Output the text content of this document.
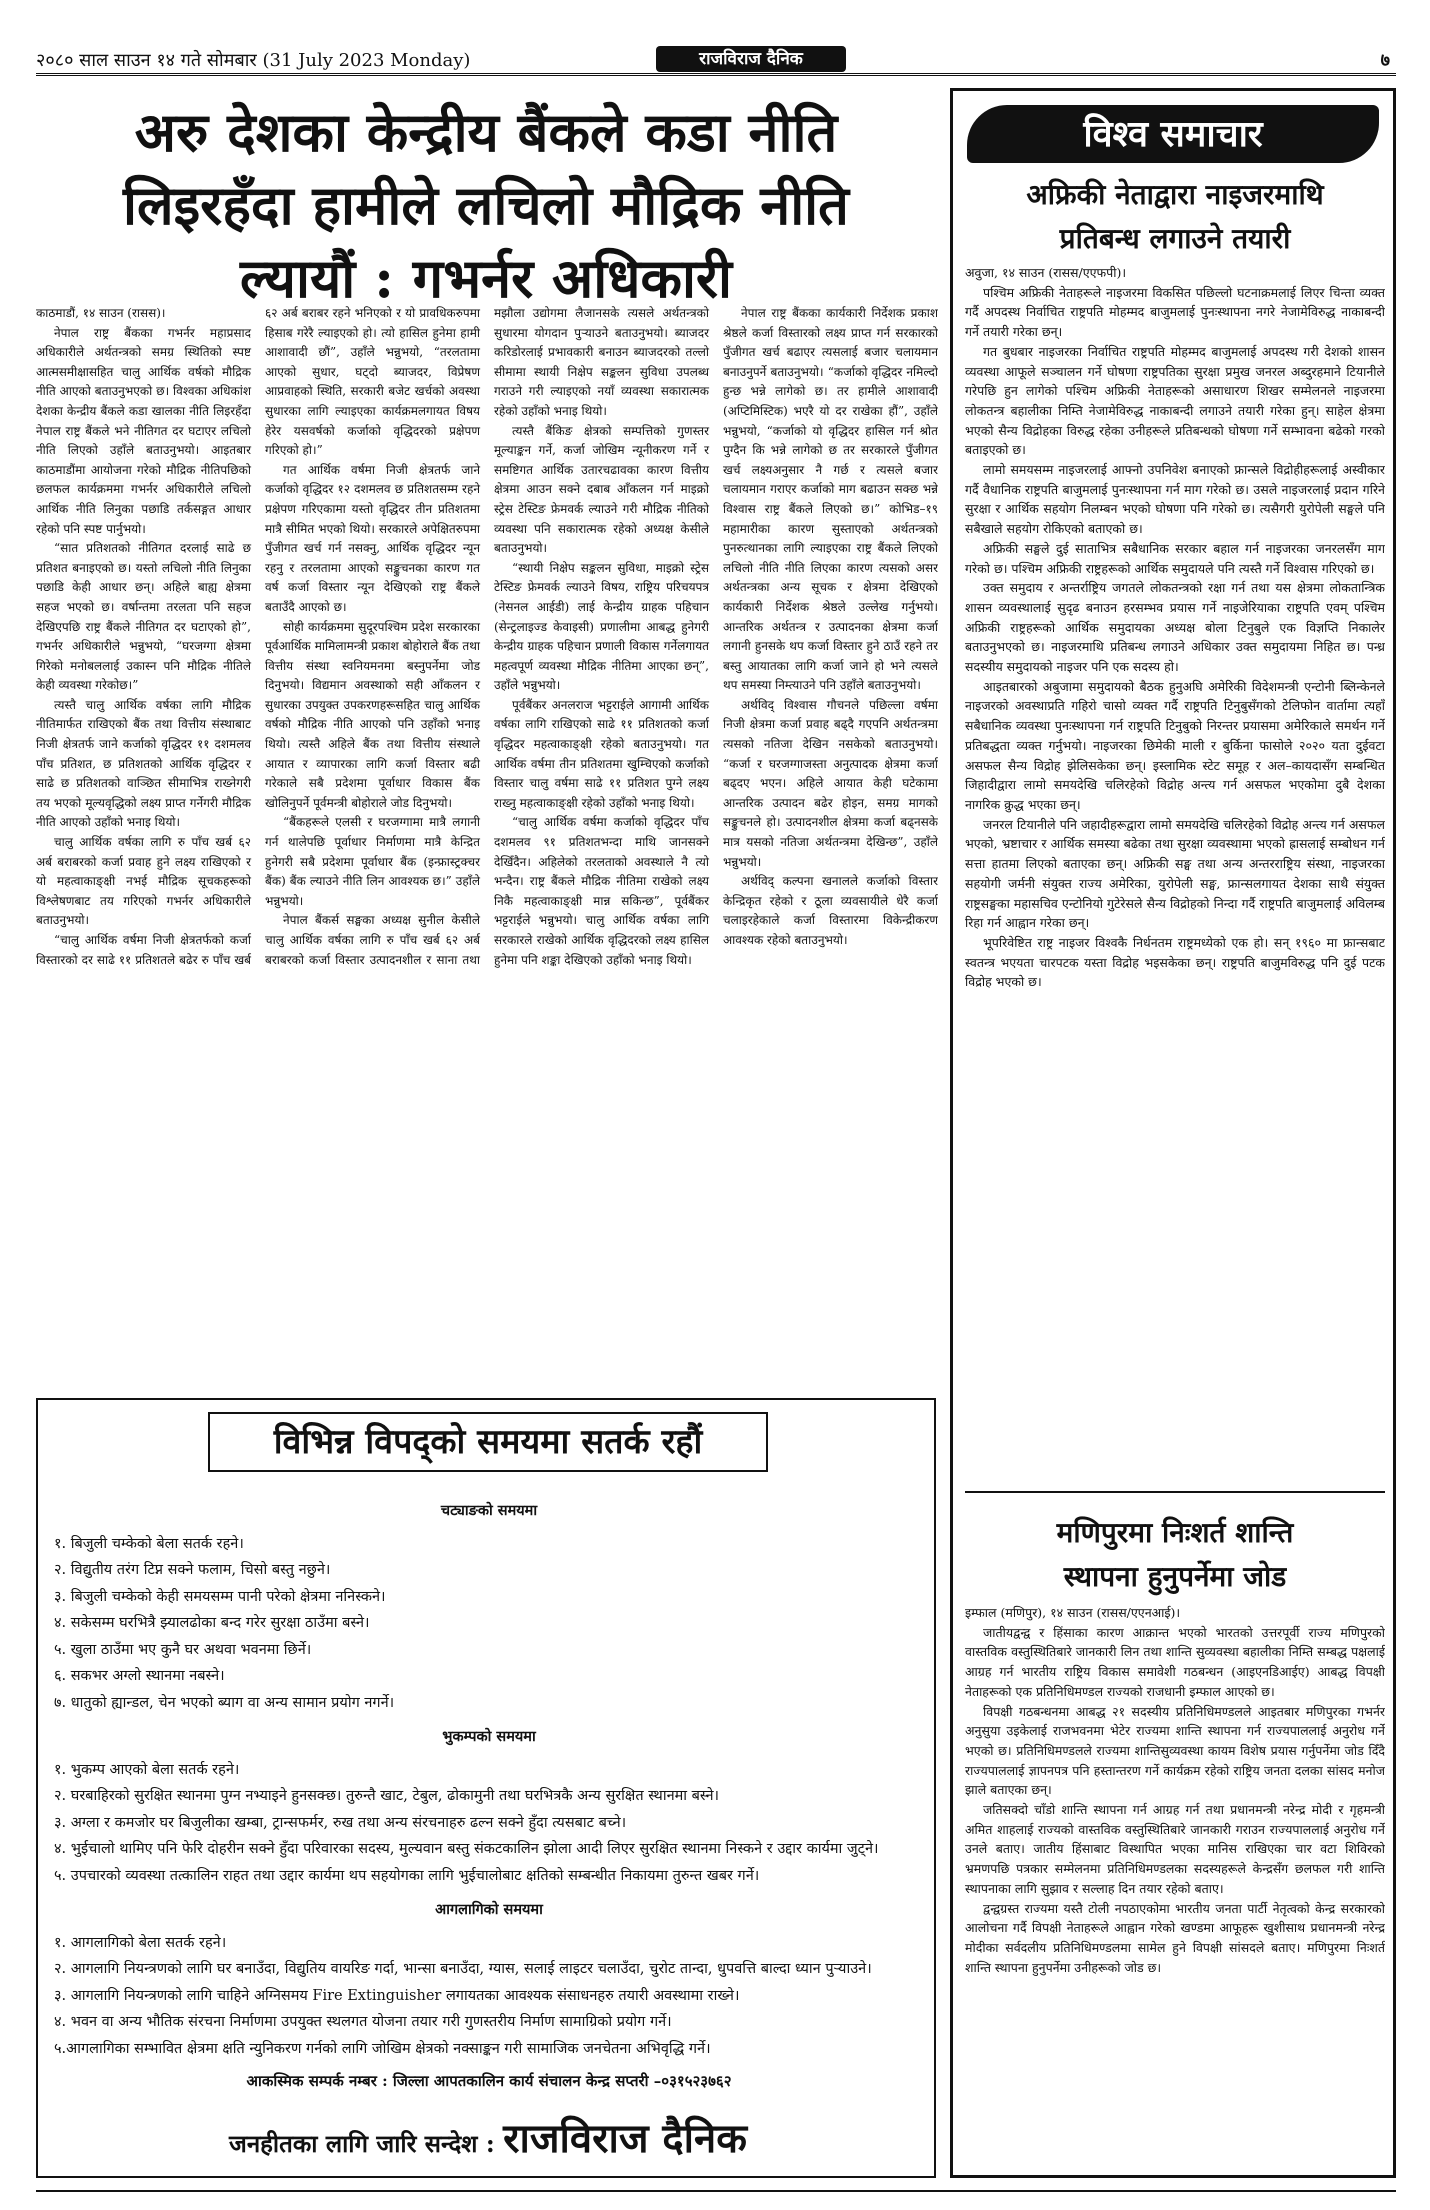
२०८० साल साउन १४ गते सोमबार (31 July 2023 Monday)	राजविराज दैनिक	७
अरु देशका केन्द्रीय बैंकले कडा नीति
लिइरहँदा हामीले लचिलो मौद्रिक नीति
ल्यायौं : गभर्नर अधिकारी

काठमाडौं, १४ साउन (रासस)।

नेपाल राष्ट्र बैंकका गभर्नर महाप्रसाद अधिकारीले अर्थतन्त्रको समग्र स्थितिको स्पष्ट आत्मसमीक्षासहित चालु आर्थिक वर्षको मौद्रिक नीति आएको बताउनुभएको छ। विश्वका अधिकांश देशका केन्द्रीय बैंकले कडा खालका नीति लिइरहँदा नेपाल राष्ट्र बैंकले भने नीतिगत दर घटाएर लचिलो नीति लिएको उहाँले बताउनुभयो। आइतबार काठमाडौंमा आयोजना गरेको मौद्रिक नीतिपछिको छलफल कार्यक्रममा गभर्नर अधिकारीले लचिलो आर्थिक नीति लिनुका पछाडि तर्कसङ्गत आधार रहेको पनि स्पष्ट पार्नुभयो।

“सात प्रतिशतको नीतिगत दरलाई साढे छ प्रतिशत बनाइएको छ। यस्तो लचिलो नीति लिनुका पछाडि केही आधार छन्। अहिले बाह्य क्षेत्रमा सहज भएको छ। वर्षान्तमा तरलता पनि सहज देखिएपछि राष्ट्र बैंकले नीतिगत दर घटाएको हो”, गभर्नर अधिकारीले भन्नुभयो, “घरजग्गा क्षेत्रमा गिरेको मनोबललाई उकास्न पनि मौद्रिक नीतिले केही व्यवस्था गरेकोछ।”

त्यस्तै चालु आर्थिक वर्षका लागि मौद्रिक नीतिमार्फत राखिएको बैंक तथा वित्तीय संस्थाबाट निजी क्षेत्रतर्फ जाने कर्जाको वृद्धिदर ११ दशमलव पाँच प्रतिशत, छ प्रतिशतको आर्थिक वृद्धिदर र साढे छ प्रतिशतको वाञ्छित सीमाभित्र राख्नेगरी तय भएको मूल्यवृद्धिको लक्ष्य प्राप्त गर्नेगरी मौद्रिक नीति आएको उहाँको भनाइ थियो।

चालु आर्थिक वर्षका लागि रु पाँच खर्ब ६२ अर्ब बराबरको कर्जा प्रवाह हुने लक्ष्य राखिएको र यो महत्वाकाङ्क्षी नभई मौद्रिक सूचकहरूको विश्लेषणबाट तय गरिएको गभर्नर अधिकारीले बताउनुभयो।

“चालु आर्थिक वर्षमा निजी क्षेत्रतर्फको कर्जा विस्तारको दर साढे ११ प्रतिशतले बढेर रु पाँच खर्ब ६२ अर्ब बराबर रहने भनिएको र यो प्रावधिकरुपमा हिसाब गरेरै ल्याइएको हो। त्यो हासिल हुनेमा हामी आशावादी छौं”, उहाँले भन्नुभयो, “तरलतामा आएको सुधार, घट्दो ब्याजदर, विप्रेषण आप्रवाहको स्थिति, सरकारी बजेट खर्चको अवस्था सुधारका लागि ल्याइएका कार्यक्रमलगायत विषय हेरेर यसवर्षको कर्जाको वृद्धिदरको प्रक्षेपण गरिएको हो।”

गत आर्थिक वर्षमा निजी क्षेत्रतर्फ जाने कर्जाको वृद्धिदर १२ दशमलव छ प्रतिशतसम्म रहने प्रक्षेपण गरिएकामा यस्तो वृद्धिदर तीन प्रतिशतमा मात्रै सीमित भएको थियो। सरकारले अपेक्षितरुपमा पुँजीगत खर्च गर्न नसक्नु, आर्थिक वृद्धिदर न्यून रहनु र तरलतामा आएको सङ्कुचनका कारण गत वर्ष कर्जा विस्तार न्यून देखिएको राष्ट्र बैंकले बताउँदै आएको छ।

सोही कार्यक्रममा सुदूरपश्चिम प्रदेश सरकारका पूर्वआर्थिक मामिलामन्त्री प्रकाश बोहोराले बैंक तथा वित्तीय संस्था स्वनियमनमा बस्नुपर्नेमा जोड दिनुभयो। विद्यमान अवस्थाको सही आँकलन र सुधारका उपयुक्त उपकरणहरूसहित चालु आर्थिक वर्षको मौद्रिक नीति आएको पनि उहाँको भनाइ थियो। त्यस्तै अहिले बैंक तथा वित्तीय संस्थाले आयात र व्यापारका लागि कर्जा विस्तार बढी गरेकाले सबै प्रदेशमा पूर्वाधार विकास बैंक खोलिनुपर्ने पूर्वमन्त्री बोहोराले जोड दिनुभयो।

“बैंकहरूले एलसी र घरजग्गामा मात्रै लगानी गर्न थालेपछि पूर्वाधार निर्माणमा मात्रै केन्द्रित हुनेगरी सबै प्रदेशमा पूर्वाधार बैंक (इन्फ्रास्ट्रक्चर बैंक) बैंक ल्याउने नीति लिन आवश्यक छ।” उहाँले भन्नुभयो।

नेपाल बैंकर्स सङ्घका अध्यक्ष सुनील केसीले चालु आर्थिक वर्षका लागि रु पाँच खर्ब ६२ अर्ब बराबरको कर्जा विस्तार उत्पादनशील र साना तथा मझौला उद्योगमा लैजानसके त्यसले अर्थतन्त्रको सुधारमा योगदान पुऱ्याउने बताउनुभयो। ब्याजदर करिडोरलाई प्रभावकारी बनाउन ब्याजदरको तल्लो सीमामा स्थायी निक्षेप सङ्कलन सुविधा उपलब्ध गराउने गरी ल्याइएको नयाँ व्यवस्था सकारात्मक रहेको उहाँको भनाइ थियो।

त्यस्तै बैंकिङ क्षेत्रको सम्पत्तिको गुणस्तर मूल्याङ्कन गर्ने, कर्जा जोखिम न्यूनीकरण गर्ने र समष्टिगत आर्थिक उतारचढावका कारण वित्तीय क्षेत्रमा आउन सक्ने दबाब आँकलन गर्न माइक्रो स्ट्रेस टेस्टिङ फ्रेमवर्क ल्याउने गरी मौद्रिक नीतिको व्यवस्था पनि सकारात्मक रहेको अध्यक्ष केसीले बताउनुभयो।

“स्थायी निक्षेप सङ्कलन सुविधा, माइक्रो स्ट्रेस टेस्टिङ फ्रेमवर्क ल्याउने विषय, राष्ट्रिय परिचयपत्र (नेसनल आईडी) लाई केन्द्रीय ग्राहक पहिचान (सेन्ट्रलाइज्ड केवाइसी) प्रणालीमा आबद्ध हुनेगरी केन्द्रीय ग्राहक पहिचान प्रणाली विकास गर्नेलगायत महत्वपूर्ण व्यवस्था मौद्रिक नीतिमा आएका छन्”, उहाँले भन्नुभयो।

पूर्वबैंकर अनलराज भट्टराईले आगामी आर्थिक वर्षका लागि राखिएको साढे ११ प्रतिशतको कर्जा वृद्धिदर महत्वाकाङ्क्षी रहेको बताउनुभयो। गत आर्थिक वर्षमा तीन प्रतिशतमा खुम्चिएको कर्जाको विस्तार चालु वर्षमा साढे ११ प्रतिशत पुग्ने लक्ष्य राख्नु महत्वाकाङ्क्षी रहेको उहाँको भनाइ थियो।

“चालु आर्थिक वर्षमा कर्जाको वृद्धिदर पाँच दशमलव ९१ प्रतिशतभन्दा माथि जानसक्ने देखिँदैन। अहिलेको तरलताको अवस्थाले नै त्यो भन्दैन। राष्ट्र बैंकले मौद्रिक नीतिमा राखेको लक्ष्य निकै महत्वाकाङ्क्षी मान्न सकिन्छ”, पूर्वबैंकर भट्टराईले भन्नुभयो। चालु आर्थिक वर्षका लागि सरकारले राखेको आर्थिक वृद्धिदरको लक्ष्य हासिल हुनेमा पनि शङ्का देखिएको उहाँको भनाइ थियो।

नेपाल राष्ट्र बैंकका कार्यकारी निर्देशक प्रकाश श्रेष्ठले कर्जा विस्तारको लक्ष्य प्राप्त गर्न सरकारको पुँजीगत खर्च बढाएर त्यसलाई बजार चलायमान बनाउनुपर्ने बताउनुभयो। “कर्जाको वृद्धिदर नमिल्दो हुन्छ भन्ने लागेको छ। तर हामीले आशावादी (अप्टिमिस्टिक) भएरै यो दर राखेका हौं”, उहाँले भन्नुभयो, “कर्जाको यो वृद्धिदर हासिल गर्न श्रोत पुग्दैन कि भन्ने लागेको छ तर सरकारले पुँजीगत खर्च लक्ष्यअनुसार नै गर्छ र त्यसले बजार चलायमान गराएर कर्जाको माग बढाउन सक्छ भन्ने विश्वास राष्ट्र बैंकले लिएको छ।” कोभिड–१९ महामारीका कारण सुस्ताएको अर्थतन्त्रको पुनरुत्थानका लागि ल्याइएका राष्ट्र बैंकले लिएको लचिलो नीति नीति लिएका कारण त्यसको असर अर्थतन्त्रका अन्य सूचक र क्षेत्रमा देखिएको कार्यकारी निर्देशक श्रेष्ठले उल्लेख गर्नुभयो। आन्तरिक अर्थतन्त्र र उत्पादनका क्षेत्रमा कर्जा लगानी हुनसके थप कर्जा विस्तार हुने ठाउँ रहने तर बस्तु आयातका लागि कर्जा जाने हो भने त्यसले थप समस्या निम्त्याउने पनि उहाँले बताउनुभयो।

अर्थविद् विश्वास गौचनले पछिल्ला वर्षमा निजी क्षेत्रमा कर्जा प्रवाह बढ्दै गएपनि अर्थतन्त्रमा त्यसको नतिजा देखिन नसकेको बताउनुभयो। “कर्जा र घरजग्गाजस्ता अनुत्पादक क्षेत्रमा कर्जा बढ्दए भएन। अहिले आयात केही घटेकामा आन्तरिक उत्पादन बढेर होइन, समग्र मागको सङ्कुचनले हो। उत्पादनशील क्षेत्रमा कर्जा बढ्नसके मात्र यसको नतिजा अर्थतन्त्रमा देखिन्छ”, उहाँले भन्नुभयो।

अर्थविद् कल्पना खनालले कर्जाको विस्तार केन्द्रिकृत रहेको र ठूला व्यवसायीले धेरै कर्जा चलाइरहेकाले कर्जा विस्तारमा विकेन्द्रीकरण आवश्यक रहेको बताउनुभयो।

विश्व समाचार
अफ्रिकी नेताद्वारा नाइजरमाथि
प्रतिबन्ध लगाउने तयारी

अवुजा, १४ साउन (रासस/एएफपी)।

पश्चिम अफ्रिकी नेताहरूले नाइजरमा विकसित पछिल्लो घटनाक्रमलाई लिएर चिन्ता व्यक्त गर्दै अपदस्थ निर्वाचित राष्ट्रपति मोहम्मद बाजुमलाई पुनःस्थापना नगरे नेजामेविरुद्ध नाकाबन्दी गर्ने तयारी गरेका छन्।

गत बुधबार नाइजरका निर्वाचित राष्ट्रपति मोहम्मद बाजुमलाई अपदस्थ गरी देशको शासन व्यवस्था आफूले सञ्चालन गर्ने घोषणा राष्ट्रपतिका सुरक्षा प्रमुख जनरल अब्दुरहमाने टियानीले गरेपछि हुन लागेको पश्चिम अफ्रिकी नेताहरूको असाधारण शिखर सम्मेलनले नाइजरमा लोकतन्त्र बहालीका निम्ति नेजामेविरुद्ध नाकाबन्दी लगाउने तयारी गरेका हुन्। साहेल क्षेत्रमा भएको सैन्य विद्रोहका विरुद्ध रहेका उनीहरूले प्रतिबन्धको घोषणा गर्ने सम्भावना बढेको गरको बताइएको छ।

लामो समयसम्म नाइजरलाई आफ्नो उपनिवेश बनाएको फ्रान्सले विद्रोहीहरूलाई अस्वीकार गर्दै वैधानिक राष्ट्रपति बाजुमलाई पुनःस्थापना गर्न माग गरेको छ। उसले नाइजरलाई प्रदान गरिने सुरक्षा र आर्थिक सहयोग निलम्बन भएको घोषणा पनि गरेको छ। त्यसैगरी युरोपेली सङ्घले पनि सबैखाले सहयोग रोकिएको बताएको छ।

अफ्रिकी सङ्घले दुई साताभित्र सबैधानिक सरकार बहाल गर्न नाइजरका जनरलसँग माग गरेको छ। पश्चिम अफ्रिकी राष्ट्रहरूको आर्थिक समुदायले पनि त्यस्तै गर्ने विश्वास गरिएको छ।

उक्त समुदाय र अन्तर्राष्ट्रिय जगतले लोकतन्त्रको रक्षा गर्न तथा यस क्षेत्रमा लोकतान्त्रिक शासन व्यवस्थालाई सुदृढ बनाउन हरसम्भव प्रयास गर्ने नाइजेरियाका राष्ट्रपति एवम् पश्चिम अफ्रिकी राष्ट्रहरूको आर्थिक समुदायका अध्यक्ष बोला टिनुबुले एक विज्ञप्ति निकालेर बताउनुभएको छ। नाइजरमाथि प्रतिबन्ध लगाउने अधिकार उक्त समुदायमा निहित छ। पन्ध्र सदस्यीय समुदायको नाइजर पनि एक सदस्य हो।

आइतबारको अबुजामा समुदायको बैठक हुनुअघि अमेरिकी विदेशमन्त्री एन्टोनी ब्लिन्केनले नाइजरको अवस्थाप्रति गहिरो चासो व्यक्त गर्दै राष्ट्रपति टिनुबुसँगको टेलिफोन वार्तामा त्यहाँ सबैधानिक व्यवस्था पुनःस्थापना गर्न राष्ट्रपति टिनुबुको निरन्तर प्रयासमा अमेरिकाले समर्थन गर्ने प्रतिबद्धता व्यक्त गर्नुभयो। नाइजरका छिमेकी माली र बुर्किना फासोले २०२० यता दुईवटा असफल सैन्य विद्रोह झेलिसकेका छन्। इस्लामिक स्टेट समूह र अल–कायदासँग सम्बन्धित जिहादीद्वारा लामो समयदेखि चलिरहेको विद्रोह अन्त्य गर्न असफल भएकोमा दुबै देशका नागरिक क्रुद्ध भएका छन्।

जनरल टियानीले पनि जहादीहरूद्वारा लामो समयदेखि चलिरहेको विद्रोह अन्त्य गर्न असफल भएको, भ्रष्टाचार र आर्थिक समस्या बढेका तथा सुरक्षा व्यवस्थामा भएको ह्रासलाई सम्बोधन गर्न सत्ता हातमा लिएको बताएका छन्। अफ्रिकी सङ्घ तथा अन्य अन्तरराष्ट्रिय संस्था, नाइजरका सहयोगी जर्मनी संयुक्त राज्य अमेरिका, युरोपेली सङ्घ, फ्रान्सलगायत देशका साथै संयुक्त राष्ट्रसङ्घका महासचिव एन्टोनियो गुटेरेसले सैन्य विद्रोहको निन्दा गर्दै राष्ट्रपति बाजुमलाई अविलम्ब रिहा गर्न आह्वान गरेका छन्।

भूपरिवेष्टित राष्ट्र नाइजर विश्वकै निर्धनतम राष्ट्रमध्येको एक हो। सन् १९६० मा फ्रान्सबाट स्वतन्त्र भएयता चारपटक यस्ता विद्रोह भइसकेका छन्। राष्ट्रपति बाजुमविरुद्ध पनि दुई पटक विद्रोह भएको छ।

मणिपुरमा निःशर्त शान्ति
स्थापना हुनुपर्नेमा जोड

इम्फाल (मणिपुर), १४ साउन (रासस/एएनआई)।

जातीयद्वन्द्व र हिंसाका कारण आक्रान्त भएको भारतको उत्तरपूर्वी राज्य मणिपुरको वास्तविक वस्तुस्थितिबारे जानकारी लिन तथा शान्ति सुव्यवस्था बहालीका निम्ति सम्बद्ध पक्षलाई आग्रह गर्न भारतीय राष्ट्रिय विकास समावेशी गठबन्धन (आइएनडिआईए) आबद्ध विपक्षी नेताहरूको एक प्रतिनिधिमण्डल राज्यको राजधानी इम्फाल आएको छ।

विपक्षी गठबन्धनमा आबद्ध २१ सदस्यीय प्रतिनिधिमण्डलले आइतबार मणिपुरका गभर्नर अनुसुया उइकेलाई राजभवनमा भेटेर राज्यमा शान्ति स्थापना गर्न राज्यपाललाई अनुरोध गर्ने भएको छ। प्रतिनिधिमण्डलले राज्यमा शान्तिसुव्यवस्था कायम विशेष प्रयास गर्नुपर्नेमा जोड दिँदै राज्यपाललाई ज्ञापनपत्र पनि हस्तान्तरण गर्ने कार्यक्रम रहेको राष्ट्रिय जनता दलका सांसद मनोज झाले बताएका छन्।

जतिसक्दो चाँडो शान्ति स्थापना गर्न आग्रह गर्न तथा प्रधानमन्त्री नरेन्द्र मोदी र गृहमन्त्री अमित शाहलाई राज्यको वास्तविक वस्तुस्थितिबारे जानकारी गराउन राज्यपाललाई अनुरोध गर्ने उनले बताए। जातीय हिंसाबाट विस्थापित भएका मानिस राखिएका चार वटा शिविरको भ्रमणपछि पत्रकार सम्मेलनमा प्रतिनिधिमण्डलका सदस्यहरूले केन्द्रसँग छलफल गरी शान्ति स्थापनाका लागि सुझाव र सल्लाह दिन तयार रहेको बताए।

द्वन्द्वग्रस्त राज्यमा यस्तै टोली नपठाएकोमा भारतीय जनता पार्टी नेतृत्वको केन्द्र सरकारको आलोचना गर्दै विपक्षी नेताहरूले आह्वान गरेको खण्डमा आफूहरू खुशीसाथ प्रधानमन्त्री नरेन्द्र मोदीका सर्वदलीय प्रतिनिधिमण्डलमा सामेल हुने विपक्षी सांसदले बताए। मणिपुरमा निःशर्त शान्ति स्थापना हुनुपर्नेमा उनीहरूको जोड छ।

विभिन्न विपद्को समयमा सतर्क रहौं
चट्याङको समयमा
१. बिजुली चम्केको बेला सतर्क रहने।
२. विद्युतीय तरंग टिप्न सक्ने फलाम, चिसो बस्तु नछुने।
३. बिजुली चम्केको केही समयसम्म पानी परेको क्षेत्रमा ननिस्कने।
४. सकेसम्म घरभित्रै झ्यालढोका बन्द गरेर सुरक्षा ठाउँमा बस्ने।
५. खुला ठाउँमा भए कुनै घर अथवा भवनमा छिर्ने।
६. सकभर अग्लो स्थानमा नबस्ने।
७. धातुको ह्यान्डल, चेन भएको ब्याग वा अन्य सामान प्रयोग नगर्ने।
भुकम्पको समयमा
१. भुकम्प आएको बेला सतर्क रहने।
२. घरबाहिरको सुरक्षित स्थानमा पुग्न नभ्याइने हुनसक्छ। तुरुन्तै खाट, टेबुल, ढोकामुनी तथा घरभित्रकै अन्य सुरक्षित स्थानमा बस्ने।
३. अग्ला र कमजोर घर बिजुलीका खम्बा, ट्रान्सफर्मर, रुख तथा अन्य संरचनाहरु ढल्न सक्ने हुँदा त्यसबाट बच्ने।
४. भुईचालो थामिए पनि फेरि दोहरीन सक्ने हुँदा परिवारका सदस्य, मुल्यवान बस्तु संकटकालिन झोला आदी लिएर सुरक्षित स्थानमा निस्कने र उद्दार कार्यमा जुट्ने।
५. उपचारको व्यवस्था तत्कालिन राहत तथा उद्दार कार्यमा थप सहयोगका लागि भुईचालोबाट क्षतिको सम्बन्धीत निकायमा तुरुन्त खबर गर्ने।
आगलागिको समयमा
१. आगलागिको बेला सतर्क रहने।
२. आगलागि नियन्त्रणको लागि घर बनाउँदा, विद्युतिय वायरिङ गर्दा, भान्सा बनाउँदा, ग्यास, सलाई लाइटर चलाउँदा, चुरोट तान्दा, धुपवत्ति बाल्दा ध्यान पुऱ्याउने।
३. आगलागि नियन्त्रणको लागि चाहिने अग्निसमय Fire Extinguisher लगायतका आवश्यक संसाधनहरु तयारी अवस्थामा राख्ने।
४. भवन वा अन्य भौतिक संरचना निर्माणमा उपयुक्त स्थलगत योजना तयार गरी गुणस्तरीय निर्माण सामाग्रिको प्रयोग गर्ने।
५.आगलागिका सम्भावित क्षेत्रमा क्षति न्युनिकरण गर्नको लागि जोखिम क्षेत्रको नक्साङ्कन गरी सामाजिक जनचेतना अभिवृद्धि गर्ने।
आकस्मिक सम्पर्क नम्बर : जिल्ला आपतकालिन कार्य संचालन केन्द्र सप्तरी –०३१५२३७६२
जनहीतका लागि जारि सन्देश : राजविराज दैनिक
